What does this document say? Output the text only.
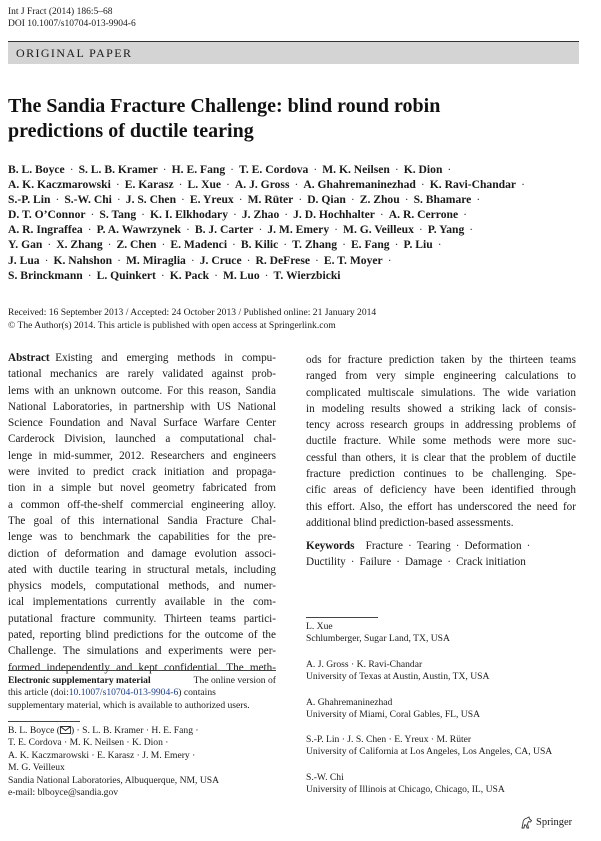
Int J Fract (2014) 186:5–68
DOI 10.1007/s10704-013-9904-6
ORIGINAL PAPER
The Sandia Fracture Challenge: blind round robin
predictions of ductile tearing
B. L. Boyce · S. L. B. Kramer · H. E. Fang · T. E. Cordova · M. K. Neilsen · K. Dion ·
A. K. Kaczmarowski · E. Karasz · L. Xue · A. J. Gross · A. Ghahremaninezhad · K. Ravi-Chandar ·
S.-P. Lin · S.-W. Chi · J. S. Chen · E. Yreux · M. Rüter · D. Qian · Z. Zhou · S. Bhamare ·
D. T. O’Connor · S. Tang · K. I. Elkhodary · J. Zhao · J. D. Hochhalter · A. R. Cerrone ·
A. R. Ingraffea · P. A. Wawrzynek · B. J. Carter · J. M. Emery · M. G. Veilleux · P. Yang ·
Y. Gan · X. Zhang · Z. Chen · E. Madenci · B. Kilic · T. Zhang · E. Fang · P. Liu ·
J. Lua · K. Nahshon · M. Miraglia · J. Cruce · R. DeFrese · E. T. Moyer ·
S. Brinckmann · L. Quinkert · K. Pack · M. Luo · T. Wierzbicki
Received: 16 September 2013 / Accepted: 24 October 2013 / Published online: 21 January 2014
© The Author(s) 2014. This article is published with open access at Springerlink.com
Abstract  Existing and emerging methods in compu-
tational mechanics are rarely validated against prob-
lems with an unknown outcome. For this reason, Sandia
National Laboratories, in partnership with US National
Science Foundation and Naval Surface Warfare Center
Carderock Division, launched a computational chal-
lenge in mid-summer, 2012. Researchers and engineers
were invited to predict crack initiation and propaga-
tion in a simple but novel geometry fabricated from
a common off-the-shelf commercial engineering alloy.
The goal of this international Sandia Fracture Chal-
lenge was to benchmark the capabilities for the pre-
diction of deformation and damage evolution associ-
ated with ductile tearing in structural metals, including
physics models, computational methods, and numer-
ical implementations currently available in the com-
putational fracture community. Thirteen teams partici-
pated, reporting blind predictions for the outcome of the
Challenge. The simulations and experiments were per-
formed independently and kept confidential. The meth-
ods for fracture prediction taken by the thirteen teams
ranged from very simple engineering calculations to
complicated multiscale simulations. The wide variation
in modeling results showed a striking lack of consis-
tency across research groups in addressing problems of
ductile fracture. While some methods were more suc-
cessful than others, it is clear that the problem of ductile
fracture prediction continues to be challenging. Spe-
cific areas of deficiency have been identified through
this effort. Also, the effort has underscored the need for
additional blind prediction-based assessments.
Keywords  Fracture · Tearing · Deformation ·
Ductility · Failure · Damage · Crack initiation
Electronic supplementary material	The online version of
this article (doi:10.1007/s10704-013-9904-6) contains
supplementary material, which is available to authorized users.
B. L. Boyce ( ) · S. L. B. Kramer · H. E. Fang ·
T. E. Cordova · M. K. Neilsen · K. Dion ·
A. K. Kaczmarowski · E. Karasz · J. M. Emery ·
M. G. Veilleux
Sandia National Laboratories, Albuquerque, NM, USA
e-mail: blboyce@sandia.gov
L. Xue
Schlumberger, Sugar Land, TX, USA
A. J. Gross · K. Ravi-Chandar
University of Texas at Austin, Austin, TX, USA
A. Ghahremaninezhad
University of Miami, Coral Gables, FL, USA
S.-P. Lin · J. S. Chen · E. Yreux · M. Rüter
University of California at Los Angeles, Los Angeles, CA, USA
S.-W. Chi
University of Illinois at Chicago, Chicago, IL, USA
Springer
